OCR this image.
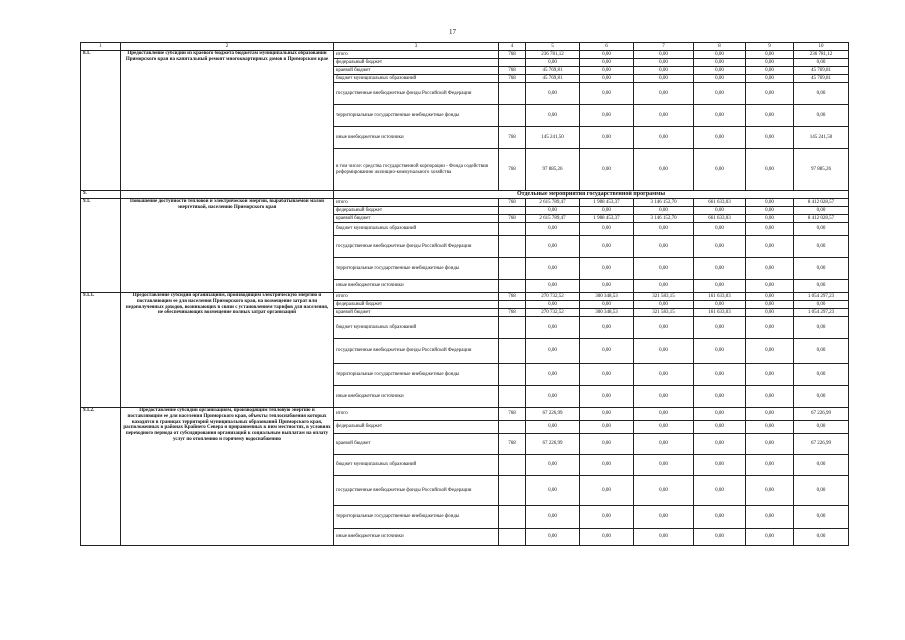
17
1	2	3	4	5	6	7	8	9	10
8.1.	Предоставление субсидий из краевого бюджета бюджетам муниципальных образований Приморского края на капитальный ремонт многоквартирных домов в Приморском крае	итого	768	236 781,12	0,00	0,00	0,00	0,00	236 781,12
		федеральный бюджет		0,00	0,00	0,00	0,00	0,00	0,00
		краевой бюджет	768	45 769,81	0,00	0,00	0,00	0,00	45 769,81
		бюджет муниципальных образований	768	45 769,81	0,00	0,00	0,00	0,00	45 769,81
		государственные внебюджетные фонды Российской Федерации		0,00	0,00	0,00	0,00	0,00	0,00
		территориальные государственные внебюджетные фонды		0,00	0,00	0,00	0,00	0,00	0,00
		иные внебюджетные источники	768	145 241,50	0,00	0,00	0,00	0,00	145 241,50
		в том числе: средства государственной корпорации - Фонда содействия реформированию жилищно-коммунального хозяйства	768	97 885,26	0,00	0,00	0,00	0,00	97 885,26
9.		Отдельные мероприятия государственной программы							
9.1.	Повышение доступности тепловой и электрической энергии, вырабатываемой малой энергетикой, населению Приморского края	итого	768	2 615 789,47	1 988 453,37	3 146 152,70	661 633,03	0,00	8 412 028,57
		федеральный бюджет		0,00	0,00	0,00	0,00	0,00	0,00
		краевой бюджет	768	2 615 789,47	1 988 453,37	3 146 152,70	661 633,03	0,00	8 412 028,57
		бюджет муниципальных образований		0,00	0,00	0,00	0,00	0,00	0,00
		государственные внебюджетные фонды Российской Федерации		0,00	0,00	0,00	0,00	0,00	0,00
		территориальные государственные внебюджетные фонды		0,00	0,00	0,00	0,00	0,00	0,00
		иные внебюджетные источники		0,00	0,00	0,00	0,00	0,00	0,00
9.1.1.	Предоставление субсидий организациям, производящим электрическую энергию и поставляющим ее для населения Приморского края, на возмещение затрат или недополученных доходов, возникающих в связи с установлением тарифов для населения, не обеспечивающих возмещение полных затрат организаций	итого	768	270 732,52	300 348,53	321 583,15	161 633,03	0,00	1 054 297,23
		федеральный бюджет		0,00	0,00	0,00	0,00	0,00	0,00
		краевой бюджет	768	270 732,52	300 348,53	321 583,15	161 633,03	0,00	1 054 297,23
		бюджет муниципальных образований		0,00	0,00	0,00	0,00	0,00	0,00
		государственные внебюджетные фонды Российской Федерации		0,00	0,00	0,00	0,00	0,00	0,00
		территориальные государственные внебюджетные фонды		0,00	0,00	0,00	0,00	0,00	0,00
		иные внебюджетные источники		0,00	0,00	0,00	0,00	0,00	0,00
9.1.2.	Предоставление субсидий организациям, производящим тепловую энергию и поставляющим ее для населения Приморского края, объекты теплоснабжения которых находятся в границах территорий муниципальных образований Приморского края, расположенных в районах Крайнего Севера и приравненных к ним местностях, в условиях переходного периода от субсидирования организаций к социальным выплатам на оплату услуг по отоплению и горячему водоснабжению	итого	768	67 226,99	0,00	0,00	0,00	0,00	67 226,99
		федеральный бюджет		0,00	0,00	0,00	0,00	0,00	0,00
		краевой бюджет	768	67 226,99	0,00	0,00	0,00	0,00	67 226,99
		бюджет муниципальных образований		0,00	0,00	0,00	0,00	0,00	0,00
		государственные внебюджетные фонды Российской Федерации		0,00	0,00	0,00	0,00	0,00	0,00
		территориальные государственные внебюджетные фонды		0,00	0,00	0,00	0,00	0,00	0,00
		иные внебюджетные источники		0,00	0,00	0,00	0,00	0,00	0,00
